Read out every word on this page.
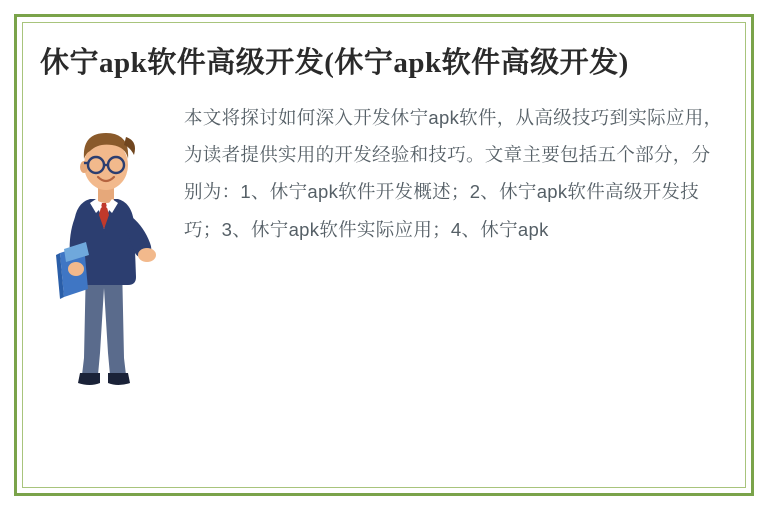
休宁apk软件高级开发(休宁apk软件高级开发)

本文将探讨如何深入开发休宁apk软件，从高级技巧到实际应用，为读者提供实用的开发经验和技巧。文章主要包括五个部分，分别为：1、休宁apk软件开发概述；2、休宁apk软件高级开发技巧；3、休宁apk软件实际应用；4、休宁apk
